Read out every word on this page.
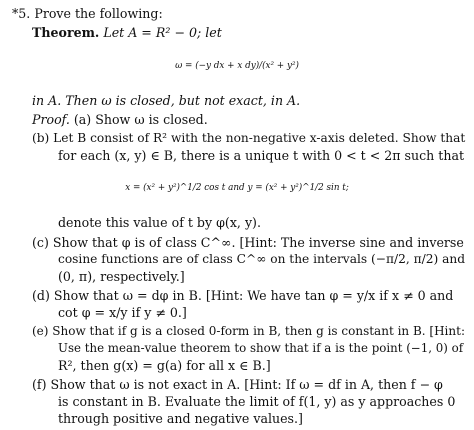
*5. Prove the following:
Theorem. Let A = R² − 0; let
ω = (−y dx + x dy)/(x² + y²)
in A. Then ω is closed, but not exact, in A.
Proof. (a) Show ω is closed.
(b) Let B consist of R² with the non-negative x-axis deleted. Show that
for each (x, y) ∈ B, there is a unique t with 0 < t < 2π such that
x = (x² + y²)^1/2 cos t and y = (x² + y²)^1/2 sin t;
denote this value of t by φ(x, y).
(c) Show that φ is of class C^∞. [Hint: The inverse sine and inverse
cosine functions are of class C^∞ on the intervals (−π/2, π/2) and
(0, π), respectively.]
(d) Show that ω = dφ in B. [Hint: We have tan φ = y/x if x ≠ 0 and
cot φ = x/y if y ≠ 0.]
(e) Show that if g is a closed 0-form in B, then g is constant in B. [Hint:
Use the mean-value theorem to show that if a is the point (−1, 0) of
R², then g(x) = g(a) for all x ∈ B.]
(f) Show that ω is not exact in A. [Hint: If ω = df in A, then f − φ
is constant in B. Evaluate the limit of f(1, y) as y approaches 0
through positive and negative values.]
